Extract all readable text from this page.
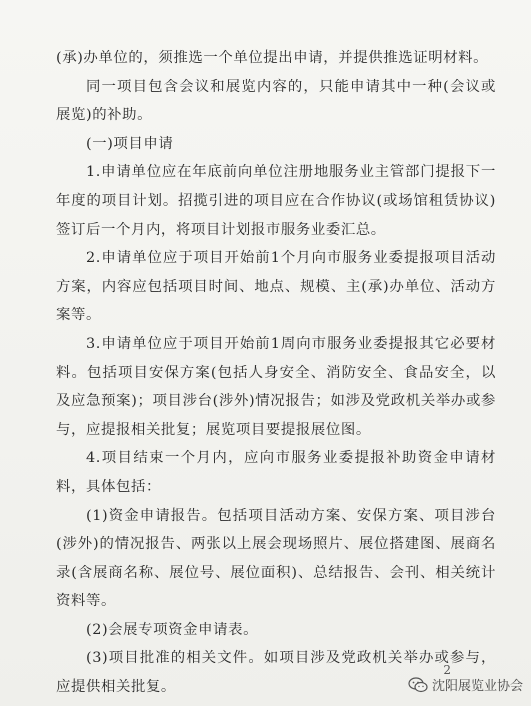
(承)办单位的，须推选一个单位提出申请，并提供推选证明材料。

同一项目包含会议和展览内容的，只能申请其中一种(会议或展览)的补助。

(一)项目申请

1.申请单位应在年底前向单位注册地服务业主管部门提报下一年度的项目计划。招揽引进的项目应在合作协议(或场馆租赁协议)签订后一个月内，将项目计划报市服务业委汇总。

2.申请单位应于项目开始前1个月向市服务业委提报项目活动方案，内容应包括项目时间、地点、规模、主(承)办单位、活动方案等。

3.申请单位应于项目开始前1周向市服务业委提报其它必要材料。包括项目安保方案(包括人身安全、消防安全、食品安全，以及应急预案)；项目涉台(涉外)情况报告；如涉及党政机关举办或参与，应提报相关批复；展览项目要提报展位图。

4.项目结束一个月内，应向市服务业委提报补助资金申请材料，具体包括：

(1)资金申请报告。包括项目活动方案、安保方案、项目涉台(涉外)的情况报告、两张以上展会现场照片、展位搭建图、展商名录(含展商名称、展位号、展位面积)、总结报告、会刊、相关统计资料等。

(2)会展专项资金申请表。

(3)项目批准的相关文件。如项目涉及党政机关举办或参与，应提供相关批复。

2
沈阳展览业协会
